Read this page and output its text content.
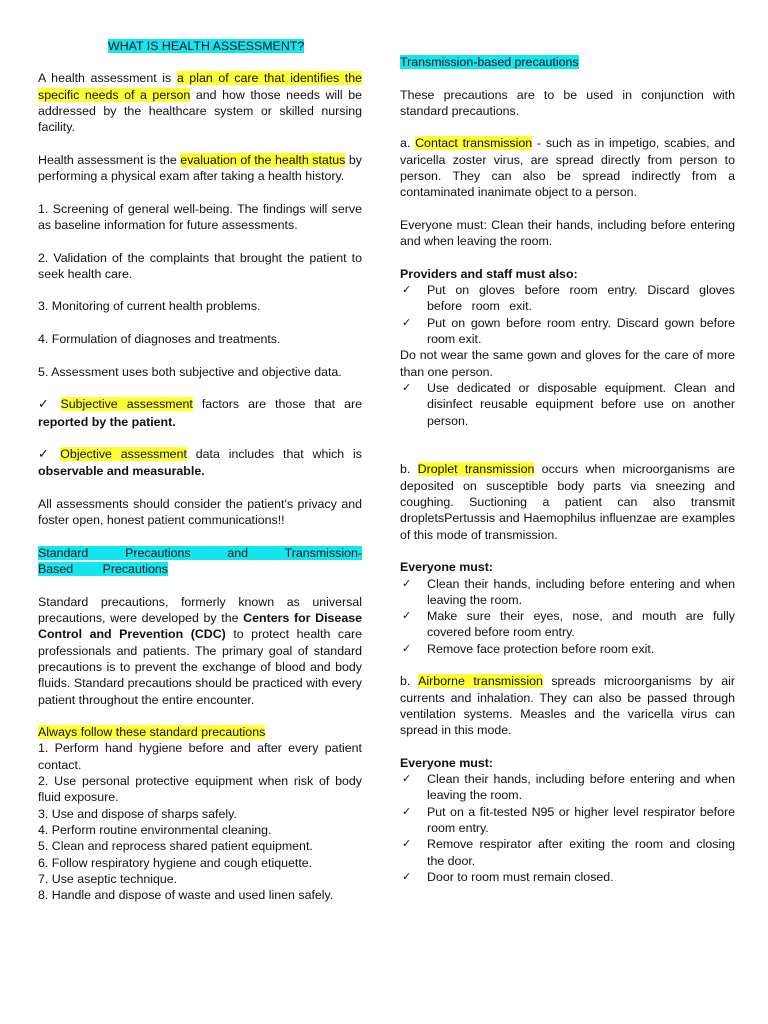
WHAT IS HEALTH ASSESSMENT?

A health assessment is a plan of care that identifies the specific needs of a person and how those needs will be addressed by the healthcare system or skilled nursing facility.

Health assessment is the evaluation of the health status by performing a physical exam after taking a health history.

1. Screening of general well-being. The findings will serve as baseline information for future assessments.

2. Validation of the complaints that brought the patient to seek health care.

3. Monitoring of current health problems.

4. Formulation of diagnoses and treatments.

5. Assessment uses both subjective and objective data.

✓ Subjective assessment factors are those that are reported by the patient.

✓ Objective assessment data includes that which is observable and measurable.

All assessments should consider the patient's privacy and foster open, honest patient communications!!

Standard Precautions and Transmission-Based Precautions

Standard precautions, formerly known as universal precautions, were developed by the Centers for Disease Control and Prevention (CDC) to protect health care professionals and patients. The primary goal of standard precautions is to prevent the exchange of blood and body fluids. Standard precautions should be practiced with every patient throughout the entire encounter.

Always follow these standard precautions

1. Perform hand hygiene before and after every patient contact.
2. Use personal protective equipment when risk of body fluid exposure.
3. Use and dispose of sharps safely.
4. Perform routine environmental cleaning.
5. Clean and reprocess shared patient equipment.
6. Follow respiratory hygiene and cough etiquette.
7. Use aseptic technique.
8. Handle and dispose of waste and used linen safely.

Transmission-based precautions

These precautions are to be used in conjunction with standard precautions.

a. Contact transmission - such as in impetigo, scabies, and varicella zoster virus, are spread directly from person to person. They can also be spread indirectly from a contaminated inanimate object to a person.

Everyone must: Clean their hands, including before entering and when leaving the room.

Providers and staff must also:

✓ Put on gloves before room entry. Discard gloves before room exit.
✓ Put on gown before room entry. Discard gown before room exit.

Do not wear the same gown and gloves for the care of more than one person.

✓ Use dedicated or disposable equipment. Clean and disinfect reusable equipment before use on another person.

b. Droplet transmission occurs when microorganisms are deposited on susceptible body parts via sneezing and coughing. Suctioning a patient can also transmit dropletsPertussis and Haemophilus influenzae are examples of this mode of transmission.

Everyone must:

✓ Clean their hands, including before entering and when leaving the room.
✓ Make sure their eyes, nose, and mouth are fully covered before room entry.
✓ Remove face protection before room exit.

b. Airborne transmission spreads microorganisms by air currents and inhalation. They can also be passed through ventilation systems. Measles and the varicella virus can spread in this mode.

Everyone must:

✓ Clean their hands, including before entering and when leaving the room.
✓ Put on a fit-tested N95 or higher level respirator before room entry.
✓ Remove respirator after exiting the room and closing the door.
✓ Door to room must remain closed.
